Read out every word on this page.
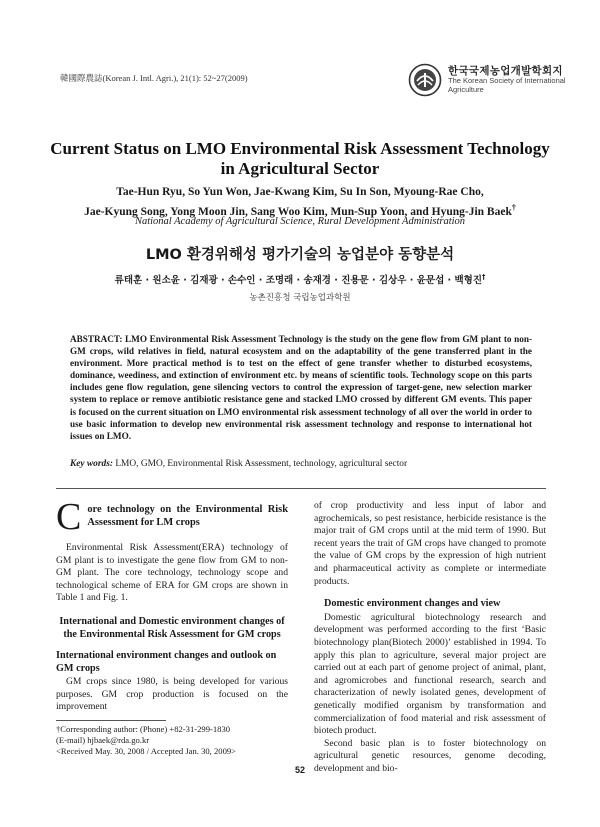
韓國際農誌(Korean J. Intl. Agri.), 21(1): 52~27(2009)
한국국제농업개발학회지
The Korean Society of International
Agriculture
Current Status on LMO Environmental Risk Assessment Technology
in Agricultural Sector
Tae-Hun Ryu, So Yun Won, Jae-Kwang Kim, Su In Son, Myoung-Rae Cho,
Jae-Kyung Song, Yong Moon Jin, Sang Woo Kim, Mun-Sup Yoon, and Hyung-Jin Baek†
National Academy of Agricultural Science, Rural Development Administration
LMO 환경위해성 평가기술의 농업분야 동향분석
류태훈 · 원소윤 · 김재광 · 손수인 · 조명래 · 송재경 · 진용문 · 김상우 · 윤문섭 · 백형진†
농촌진흥청 국립농업과학원
ABSTRACT: LMO Environmental Risk Assessment Technology is the study on the gene flow from GM plant to non-GM crops, wild relatives in field, natural ecosystem and on the adaptability of the gene transferred plant in the environment. More practical method is to test on the effect of gene transfer whether to disturbed ecosystems, dominance, weediness, and extinction of environment etc. by means of scientific tools. Technology scope on this parts includes gene flow regulation, gene silencing vectors to control the expression of target-gene, new selection marker system to replace or remove antibiotic resistance gene and stacked LMO crossed by different GM events. This paper is focused on the current situation on LMO environmental risk assessment technology of all over the world in order to use basic information to develop new environmental risk assessment technology and response to international hot issues on LMO.
Key words: LMO, GMO, Environmental Risk Assessment, technology, agricultural sector
C ore technology on the Environmental Risk Assessment for LM crops

Environmental Risk Assessment(ERA) technology of GM plant is to investigate the gene flow from GM to non-GM plant. The core technology, technology scope and technological scheme of ERA for GM crops are shown in Table 1 and Fig. 1.

International and Domestic environment changes of the Environmental Risk Assessment for GM crops
International environment changes and outlook on GM crops

GM crops since 1980, is being developed for various purposes. GM crop production is focused on the improvement

†Corresponding author: (Phone) +82-31-299-1830
(E-mail) hjbaek@rda.go.kr
<Received May. 30, 2008 / Accepted Jan. 30, 2009>

of crop productivity and less input of labor and agrochemicals, so pest resistance, herbicide resistance is the major trait of GM crops until at the mid term of 1990. But recent years the trait of GM crops have changed to promote the value of GM crops by the expression of high nutrient and pharmaceutical activity as complete or intermediate products.

Domestic environment changes and view

Domestic agricultural biotechnology research and development was performed according to the first ‘Basic biotechnology plan(Biotech 2000)’ established in 1994. To apply this plan to agriculture, several major project are carried out at each part of genome project of animal, plant, and agromicrobes and functional research, search and characterization of newly isolated genes, development of genetically modified organism by transformation and commercialization of food material and risk assessment of biotech product.

Second basic plan is to foster biotechnology on agricultural genetic resources, genome decoding, development and bio-

52
